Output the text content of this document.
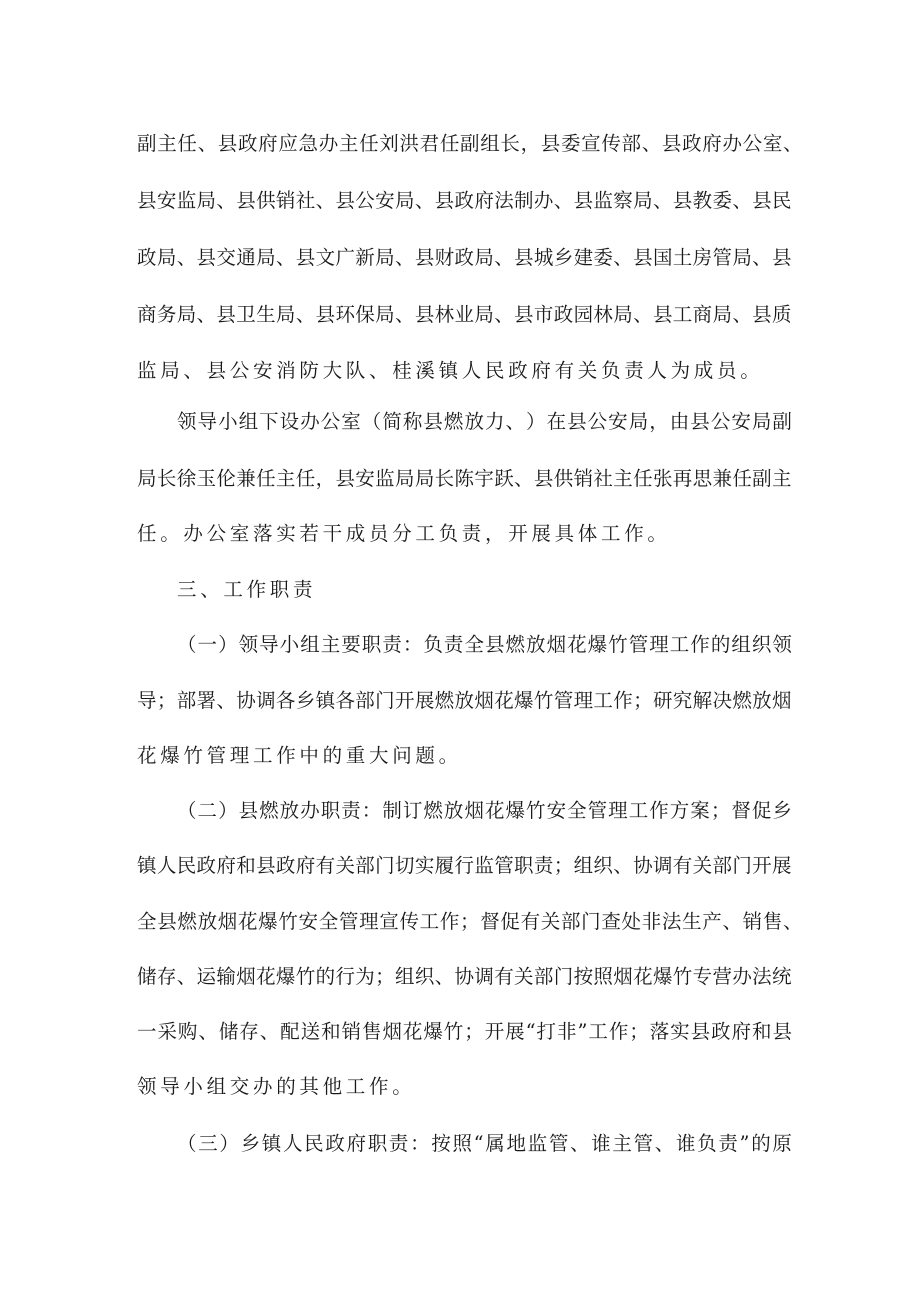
副 主 任 、 县 政 府 应 急 办 主 任 刘 洪 君 任 副 组 长 ， 县 委 宣 传 部 、 县 政 府 办 公 室 、
县 安 监 局 、 县 供 销 社 、 县 公 安 局 、 县 政 府 法 制 办 、 县 监 察 局 、 县 教 委 、 县 民
政 局 、 县 交 通 局 、 县 文 广 新 局 、 县 财 政 局 、 县 城 乡 建 委 、 县 国 土 房 管 局 、 县
商 务 局 、 县 卫 生 局 、 县 环 保 局 、 县 林 业 局 、 县 市 政 园 林 局 、 县 工 商 局 、 县 质
监局、县公安消防大队、桂溪镇人民政府有关负责人为成员。
领 导 小 组 下 设 办 公 室 （ 简 称 县 燃 放 力 、 ） 在 县 公 安 局 ， 由 县 公 安 局 副
局 长 徐 玉 伦 兼 任 主 任 ， 县 安 监 局 局 长 陈 宇 跃 、 县 供 销 社 主 任 张 再 思 兼 任 副 主
任。办公室落实若干成员分工负责，开展具体工作。
三、工作职责
（ 一 ） 领 导 小 组 主 要 职 责 ： 负 责 全 县 燃 放 烟 花 爆 竹 管 理 工 作 的 组 织 领
导 ； 部 署 、 协 调 各 乡 镇 各 部 门 开 展 燃 放 烟 花 爆 竹 管 理 工 作 ； 研 究 解 决 燃 放 烟
花爆竹管理工作中的重大问题。
（ 二 ） 县 燃 放 办 职 责 ： 制 订 燃 放 烟 花 爆 竹 安 全 管 理 工 作 方 案 ； 督 促 乡
镇 人 民 政 府 和 县 政 府 有 关 部 门 切 实 履 行 监 管 职 责 ； 组 织 、 协 调 有 关 部 门 开 展
全 县 燃 放 烟 花 爆 竹 安 全 管 理 宣 传 工 作 ； 督 促 有 关 部 门 查 处 非 法 生 产 、 销 售 、
储 存 、 运 输 烟 花 爆 竹 的 行 为 ； 组 织 、 协 调 有 关 部 门 按 照 烟 花 爆 竹 专 营 办 法 统
一 采 购 、 储 存 、 配 送 和 销 售 烟 花 爆 竹 ； 开 展 “ 打 非 ” 工 作 ； 落 实 县 政 府 和 县
领导小组交办的其他工作。
（ 三 ） 乡 镇 人 民 政 府 职 责 ： 按 照 “ 属 地 监 管 、 谁 主 管 、 谁 负 责 ” 的 原
